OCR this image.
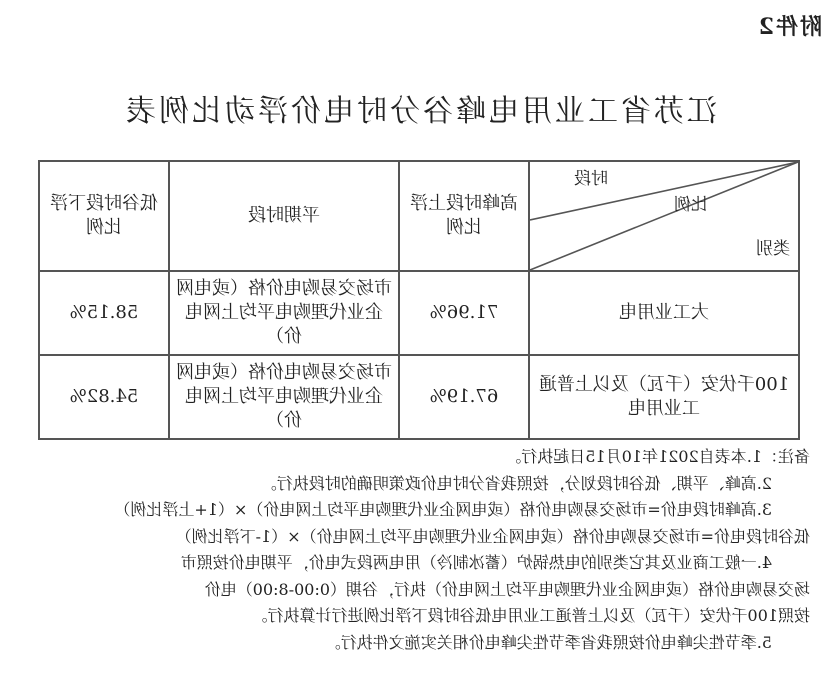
附件2
江苏省工业用电峰谷分时电价浮动比例表
时段
比例
类别	高峰时段上浮比例	平期时段	低谷时段下浮比例
大工业用电	71.96%	市场交易购电价格（或电网企业代理购电平均上网电价）	58.15%
100千伏安（千瓦）及以上普通工业用电	67.19%	市场交易购电价格（或电网企业代理购电平均上网电价）	54.82%

备注：1.本表自2021年10月15日起执行。

2.高峰、平期、低谷时段划分，按照我省分时电价政策明确的时段执行。

3.高峰时段电价=市场交易购电价格（或电网企业代理购电平均上网电价）×（1+上浮比例）

低谷时段电价=市场交易购电价格（或电网企业代理购电平均上网电价）×（1-下浮比例）

4.一般工商业及其它类别的电热锅炉（蓄冰制冷）用电两段式电价，平期电价按照市

场交易购电价格（或电网企业代理购电平均上网电价）执行，谷期（0:00-8:00）电价

按照100千伏安（千瓦）及以上普通工业用电低谷时段下浮比例进行计算执行。

5.季节性尖峰电价按照我省季节性尖峰电价相关实施文件执行。
